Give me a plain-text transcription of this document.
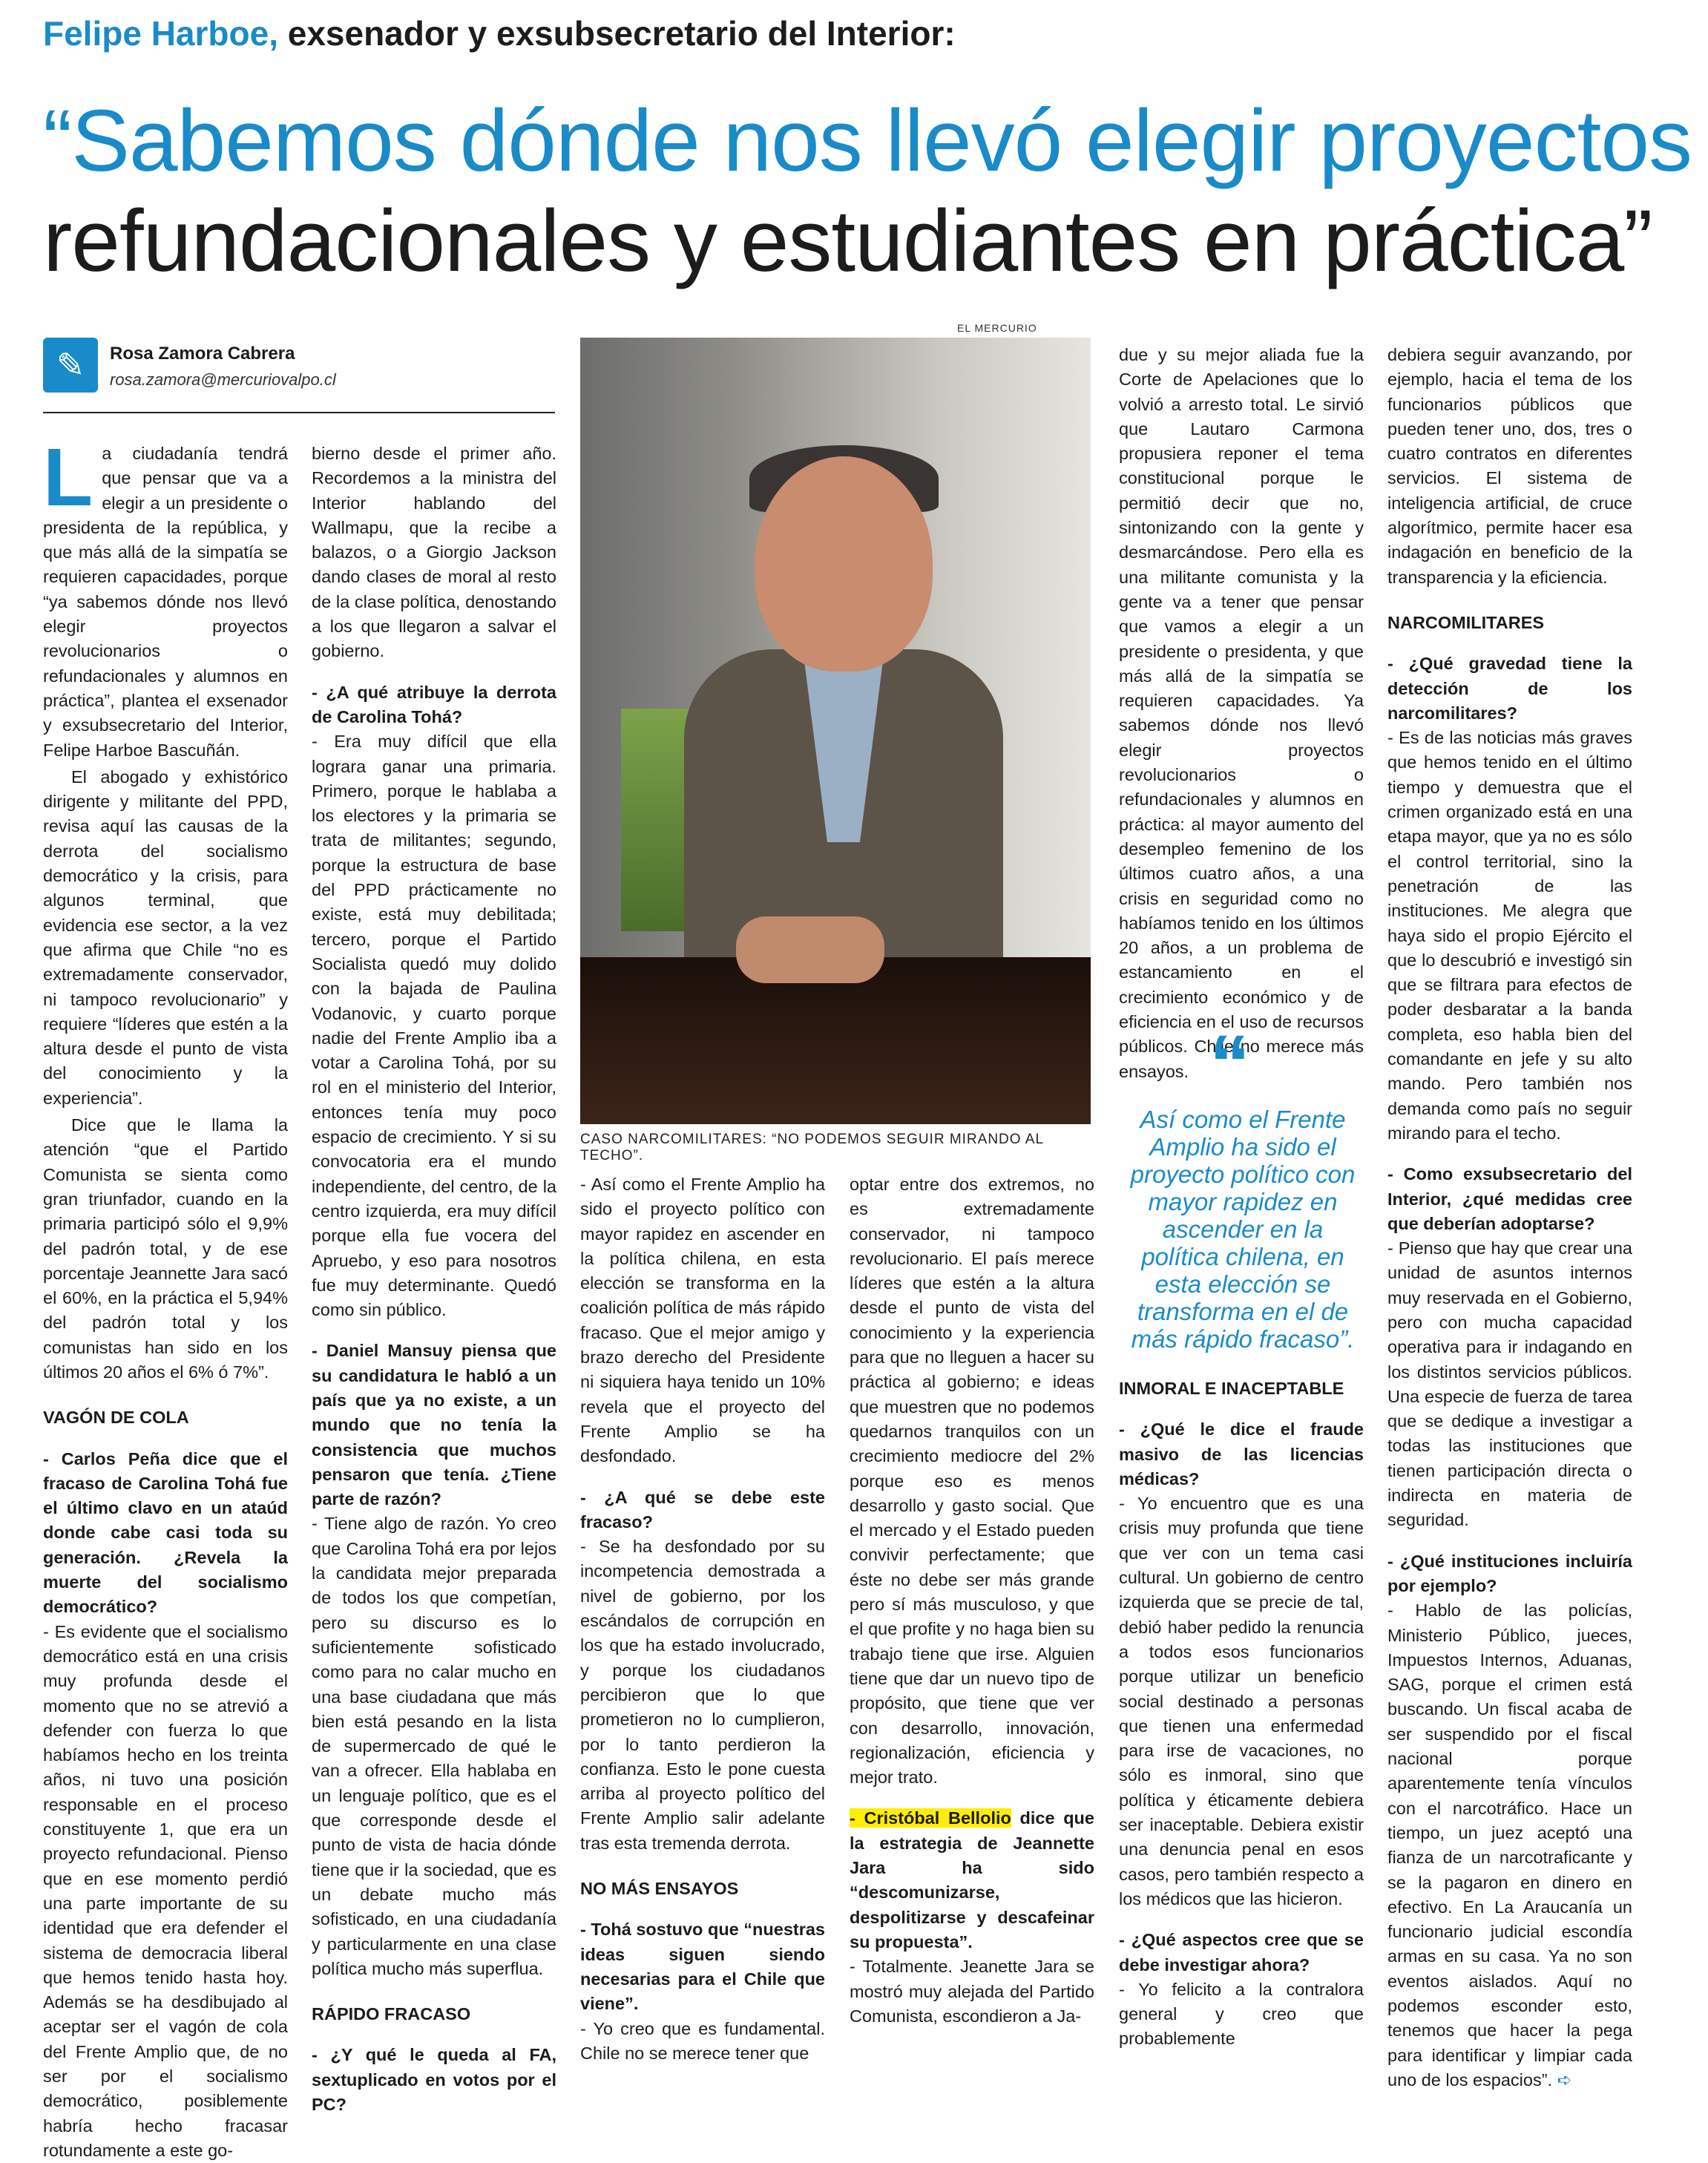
Felipe Harboe, exsenador y exsubsecretario del Interior:
“Sabemos dónde nos llevó elegir proyectos
refundacionales y estudiantes en práctica”
✎	Rosa Zamora Cabrera
rosa.zamora@mercuriovalpo.cl

La ciudadanía tendrá que pensar que va a elegir a un presidente o presidenta de la república, y que más allá de la simpatía se requieren capacidades, porque “ya sabemos dónde nos llevó elegir proyectos revolucionarios o refundacionales y alumnos en práctica”, plantea el exsenador y exsubsecretario del Interior, Felipe Harboe Bascuñán.

El abogado y exhistórico dirigente y militante del PPD, revisa aquí las causas de la derrota del socialismo democrático y la crisis, para algunos terminal, que evidencia ese sector, a la vez que afirma que Chile “no es extremadamente conservador, ni tampoco revolucionario” y requiere “líderes que estén a la altura desde el punto de vista del conocimiento y la experiencia”.

Dice que le llama la atención “que el Partido Comunista se sienta como gran triunfador, cuando en la primaria participó sólo el 9,9% del padrón total, y de ese porcentaje Jeannette Jara sacó el 60%, en la práctica el 5,94% del padrón total y los comunistas han sido en los últimos 20 años el 6% ó 7%”.

VAGÓN DE COLA

- Carlos Peña dice que el fracaso de Carolina Tohá fue el último clavo en un ataúd donde cabe casi toda su generación. ¿Revela la muerte del socialismo democrático?

- Es evidente que el socialismo democrático está en una crisis muy profunda desde el momento que no se atrevió a defender con fuerza lo que habíamos hecho en los treinta años, ni tuvo una posición responsable en el proceso constituyente 1, que era un proyecto refundacional. Pienso que en ese momento perdió una parte importante de su identidad que era defender el sistema de democracia liberal que hemos tenido hasta hoy. Además se ha desdibujado al aceptar ser el vagón de cola del Frente Amplio que, de no ser por el socialismo democrático, posiblemente habría hecho fracasar rotundamente a este go-

bierno desde el primer año. Recordemos a la ministra del Interior hablando del Wallmapu, que la recibe a balazos, o a Giorgio Jackson dando clases de moral al resto de la clase política, denostando a los que llegaron a salvar el gobierno.

- ¿A qué atribuye la derrota de Carolina Tohá?

- Era muy difícil que ella lograra ganar una primaria. Primero, porque le hablaba a los electores y la primaria se trata de militantes; segundo, porque la estructura de base del PPD prácticamente no existe, está muy debilitada; tercero, porque el Partido Socialista quedó muy dolido con la bajada de Paulina Vodanovic, y cuarto porque nadie del Frente Amplio iba a votar a Carolina Tohá, por su rol en el ministerio del Interior, entonces tenía muy poco espacio de crecimiento. Y si su convocatoria era el mundo independiente, del centro, de la centro izquierda, era muy difícil porque ella fue vocera del Apruebo, y eso para nosotros fue muy determinante. Quedó como sin público.

- Daniel Mansuy piensa que su candidatura le habló a un país que ya no existe, a un mundo que no tenía la consistencia que muchos pensaron que tenía. ¿Tiene parte de razón?

- Tiene algo de razón. Yo creo que Carolina Tohá era por lejos la candidata mejor preparada de todos los que competían, pero su discurso es lo suficientemente sofisticado como para no calar mucho en una base ciudadana que más bien está pesando en la lista de supermercado de qué le van a ofrecer. Ella hablaba en un lenguaje político, que es el que corresponde desde el punto de vista de hacia dónde tiene que ir la sociedad, que es un debate mucho más sofisticado, en una ciudadanía y particularmente en una clase política mucho más superflua.

RÁPIDO FRACASO

- ¿Y qué le queda al FA, sextuplicado en votos por el PC?

EL MERCURIO
CASO NARCOMILITARES: “NO PODEMOS SEGUIR MIRANDO AL TECHO”.

- Así como el Frente Amplio ha sido el proyecto político con mayor rapidez en ascender en la política chilena, en esta elección se transforma en la coalición política de más rápido fracaso. Que el mejor amigo y brazo derecho del Presidente ni siquiera haya tenido un 10% revela que el proyecto del Frente Amplio se ha desfondado.

- ¿A qué se debe este fracaso?

- Se ha desfondado por su incompetencia demostrada a nivel de gobierno, por los escándalos de corrupción en los que ha estado involucrado, y porque los ciudadanos percibieron que lo que prometieron no lo cumplieron, por lo tanto perdieron la confianza. Esto le pone cuesta arriba al proyecto político del Frente Amplio salir adelante tras esta tremenda derrota.

NO MÁS ENSAYOS

- Tohá sostuvo que “nuestras ideas siguen siendo necesarias para el Chile que viene”.

- Yo creo que es fundamental. Chile no se merece tener que

optar entre dos extremos, no es extremadamente conservador, ni tampoco revolucionario. El país merece líderes que estén a la altura desde el punto de vista del conocimiento y la experiencia para que no lleguen a hacer su práctica al gobierno; e ideas que muestren que no podemos quedarnos tranquilos con un crecimiento mediocre del 2% porque eso es menos desarrollo y gasto social. Que el mercado y el Estado pueden convivir perfectamente; que éste no debe ser más grande pero sí más musculoso, y que el que profite y no haga bien su trabajo tiene que irse. Alguien tiene que dar un nuevo tipo de propósito, que tiene que ver con desarrollo, innovación, regionalización, eficiencia y mejor trato.

- Cristóbal Bellolio dice que la estrategia de Jeannette Jara ha sido “descomunizarse, despolitizarse y descafeinar su propuesta”.

- Totalmente. Jeanette Jara se mostró muy alejada del Partido Comunista, escondieron a Ja-

due y su mejor aliada fue la Corte de Apelaciones que lo volvió a arresto total. Le sirvió que Lautaro Carmona propusiera reponer el tema constitucional porque le permitió decir que no, sintonizando con la gente y desmarcándose. Pero ella es una militante comunista y la gente va a tener que pensar que vamos a elegir a un presidente o presidenta, y que más allá de la simpatía se requieren capacidades. Ya sabemos dónde nos llevó elegir proyectos revolucionarios o refundacionales y alumnos en práctica: al mayor aumento del desempleo femenino de los últimos cuatro años, a una crisis en seguridad como no habíamos tenido en los últimos 20 años, a un problema de estancamiento en el crecimiento económico y de eficiencia en el uso de recursos públicos. Chile no merece más ensayos. “
Así como el Frente Amplio ha sido el proyecto político con mayor rapidez en ascender en la política chilena, en esta elección se transforma en el de más rápido fracaso”.

INMORAL E INACEPTABLE

- ¿Qué le dice el fraude masivo de las licencias médicas?

- Yo encuentro que es una crisis muy profunda que tiene que ver con un tema casi cultural. Un gobierno de centro izquierda que se precie de tal, debió haber pedido la renuncia a todos esos funcionarios porque utilizar un beneficio social destinado a personas que tienen una enfermedad para irse de vacaciones, no sólo es inmoral, sino que política y éticamente debiera ser inaceptable. Debiera existir una denuncia penal en esos casos, pero también respecto a los médicos que las hicieron.

- ¿Qué aspectos cree que se debe investigar ahora?

- Yo felicito a la contralora general y creo que probablemente

debiera seguir avanzando, por ejemplo, hacia el tema de los funcionarios públicos que pueden tener uno, dos, tres o cuatro contratos en diferentes servicios. El sistema de inteligencia artificial, de cruce algorítmico, permite hacer esa indagación en beneficio de la transparencia y la eficiencia.

NARCOMILITARES

- ¿Qué gravedad tiene la detección de los narcomilitares?

- Es de las noticias más graves que hemos tenido en el último tiempo y demuestra que el crimen organizado está en una etapa mayor, que ya no es sólo el control territorial, sino la penetración de las instituciones. Me alegra que haya sido el propio Ejército el que lo descubrió e investigó sin que se filtrara para efectos de poder desbaratar a la banda completa, eso habla bien del comandante en jefe y su alto mando. Pero también nos demanda como país no seguir mirando para el techo.

- Como exsubsecretario del Interior, ¿qué medidas cree que deberían adoptarse?

- Pienso que hay que crear una unidad de asuntos internos muy reservada en el Gobierno, pero con mucha capacidad operativa para ir indagando en los distintos servicios públicos. Una especie de fuerza de tarea que se dedique a investigar a todas las instituciones que tienen participación directa o indirecta en materia de seguridad.

- ¿Qué instituciones incluiría por ejemplo?

- Hablo de las policías, Ministerio Público, jueces, Impuestos Internos, Aduanas, SAG, porque el crimen está buscando. Un fiscal acaba de ser suspendido por el fiscal nacional porque aparentemente tenía vínculos con el narcotráfico. Hace un tiempo, un juez aceptó una fianza de un narcotraficante y se la pagaron en dinero en efectivo. En La Araucanía un funcionario judicial escondía armas en su casa. Ya no son eventos aislados. Aquí no podemos esconder esto, tenemos que hacer la pega para identificar y limpiar cada uno de los espacios”. ➪
